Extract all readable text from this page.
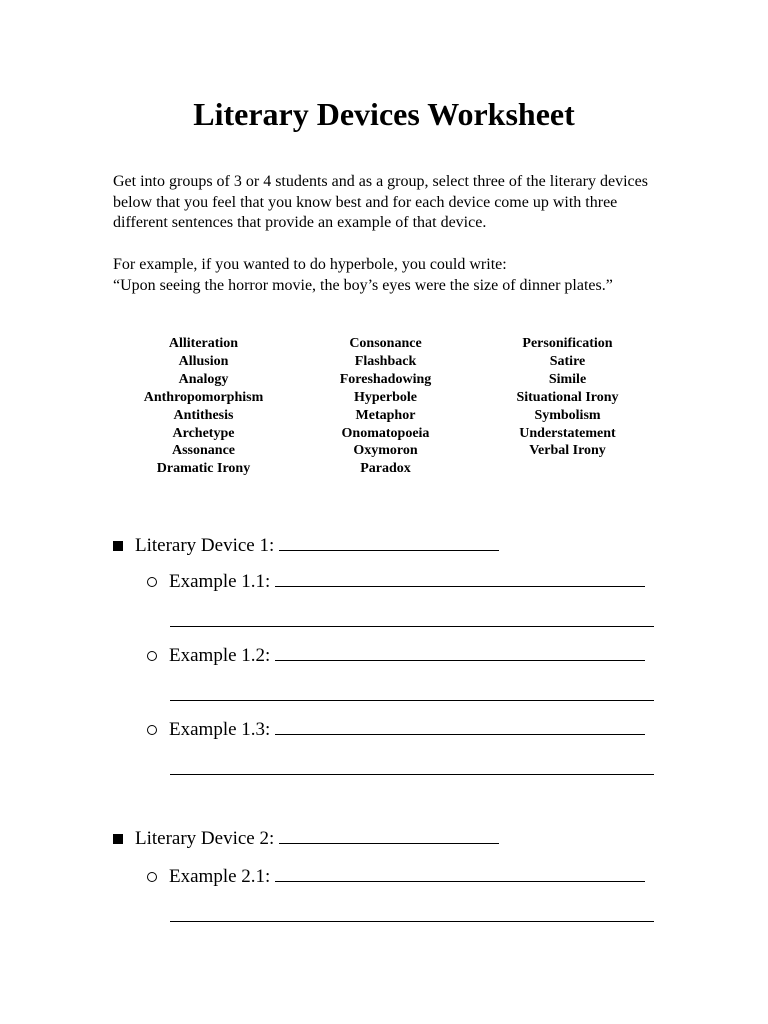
Literary Devices Worksheet

Get into groups of 3 or 4 students and as a group, select three of the literary devices below that you feel that you know best and for each device come up with three different sentences that provide an example of that device.

For example, if you wanted to do hyperbole, you could write:
“Upon seeing the horror movie, the boy’s eyes were the size of dinner plates.”

Alliteration
Allusion
Analogy
Anthropomorphism
Antithesis
Archetype
Assonance
Dramatic Irony
Consonance
Flashback
Foreshadowing
Hyperbole
Metaphor
Onomatopoeia
Oxymoron
Paradox
Personification
Satire
Simile
Situational Irony
Symbolism
Understatement
Verbal Irony
Literary Device 1:
Example 1.1:
Example 1.2:
Example 1.3:
Literary Device 2:
Example 2.1:
